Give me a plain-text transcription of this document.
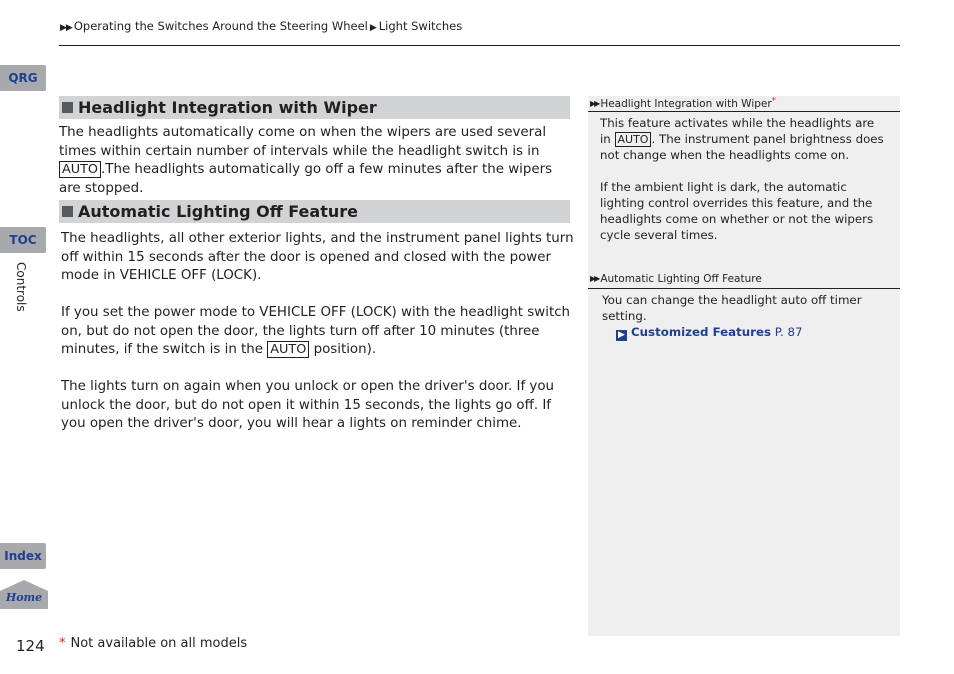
▶▶ Operating the Switches Around the Steering Wheel ▶ Light Switches
QRG
TOC
Controls
Index
Home
Headlight Integration with Wiper
The headlights automatically come on when the wipers are used several times within certain number of intervals while the headlight switch is in AUTO .The headlights automatically go off a few minutes after the wipers are stopped.
Automatic Lighting Off Feature
The headlights, all other exterior lights, and the instrument panel lights turn off within 15 seconds after the door is opened and closed with the power mode in VEHICLE OFF (LOCK).
If you set the power mode to VEHICLE OFF (LOCK) with the headlight switch on, but do not open the door, the lights turn off after 10 minutes (three minutes, if the switch is in the AUTO position).
The lights turn on again when you unlock or open the driver's door. If you unlock the door, but do not open it within 15 seconds, the lights go off. If you open the driver's door, you will hear a lights on reminder chime.
▶▶ Headlight Integration with Wiper*
This feature activates while the headlights are in AUTO . The instrument panel brightness does not change when the headlights come on.
If the ambient light is dark, the automatic lighting control overrides this feature, and the headlights come on whether or not the wipers cycle several times.
▶▶ Automatic Lighting Off Feature
You can change the headlight auto off timer setting.
▶ Customized Features P. 87
124 * Not available on all models
